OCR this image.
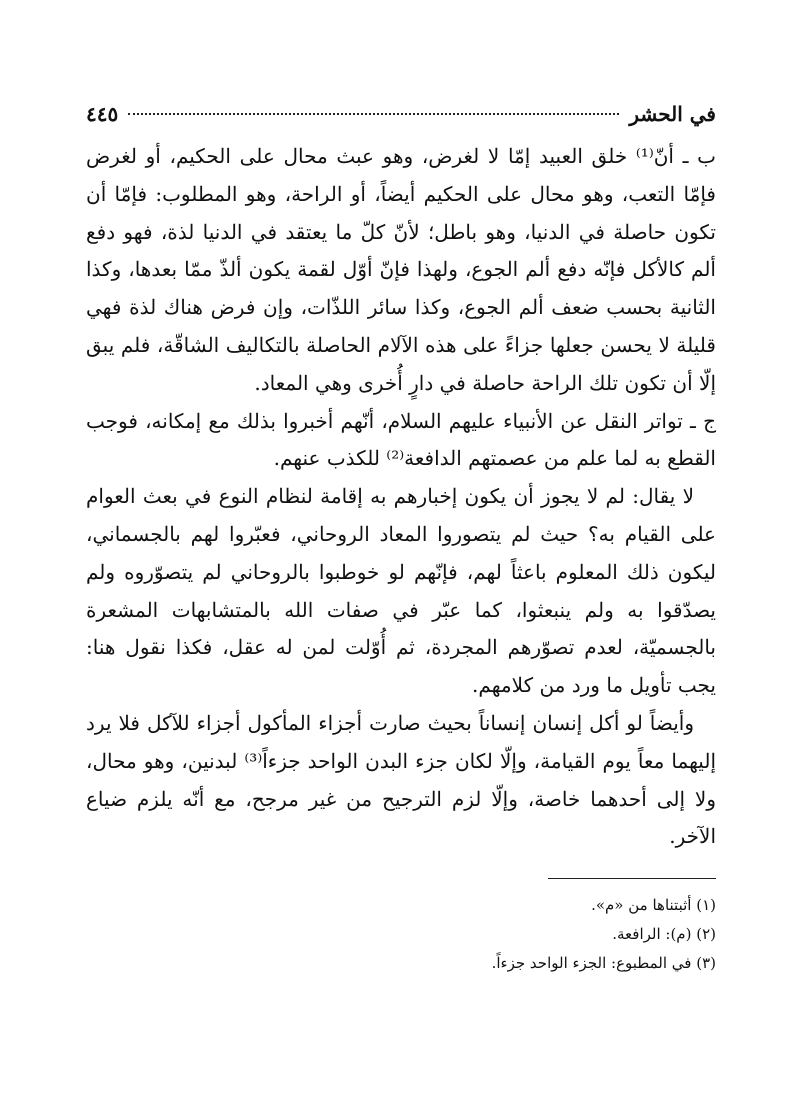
في الحشر
٤٤٥

ب ـ أنّ⁽¹⁾ خلق العبيد إمّا لا لغرض، وهو عبث محال على الحكيم، أو لغرض فإمّا التعب، وهو محال على الحكيم أيضاً، أو الراحة، وهو المطلوب: فإمّا أن تكون حاصلة في الدنيا، وهو باطل؛ لأنّ كلّ ما يعتقد في الدنيا لذة، فهو دفع ألم كالأكل فإنّه دفع ألم الجوع، ولهذا فإنّ أوّل لقمة يكون ألذّ ممّا بعدها، وكذا الثانية بحسب ضعف ألم الجوع، وكذا سائر اللذّات، وإن فرض هناك لذة فهي قليلة لا يحسن جعلها جزاءً على هذه الآلام الحاصلة بالتكاليف الشاقّة، فلم يبق إلّا أن تكون تلك الراحة حاصلة في دارٍ أُخرى وهي المعاد.

ج ـ تواتر النقل عن الأنبياء عليهم السلام، أنّهم أخبروا بذلك مع إمكانه، فوجب القطع به لما علم من عصمتهم الدافعة⁽²⁾ للكذب عنهم.

لا يقال: لم لا يجوز أن يكون إخبارهم به إقامة لنظام النوع في بعث العوام على القيام به؟ حيث لم يتصوروا المعاد الروحاني، فعبّروا لهم بالجسماني، ليكون ذلك المعلوم باعثاً لهم، فإنّهم لو خوطبوا بالروحاني لم يتصوّروه ولم يصدّقوا به ولم ينبعثوا، كما عبّر في صفات الله بالمتشابهات المشعرة بالجسميّة، لعدم تصوّرهم المجردة، ثم أُوّلت لمن له عقل، فكذا نقول هنا: يجب تأويل ما ورد من كلامهم.

وأيضاً لو أكل إنسان إنساناً بحيث صارت أجزاء المأكول أجزاء للآكل فلا يرد إليهما معاً يوم القيامة، وإلّا لكان جزء البدن الواحد جزءاً⁽³⁾ لبدنين، وهو محال، ولا إلى أحدهما خاصة، وإلّا لزم الترجيح من غير مرجح، مع أنّه يلزم ضياع الآخر.

(١) أثبتناها من «م».

(٢) (م): الرافعة.

(٣) في المطبوع: الجزء الواحد جزءاً.
